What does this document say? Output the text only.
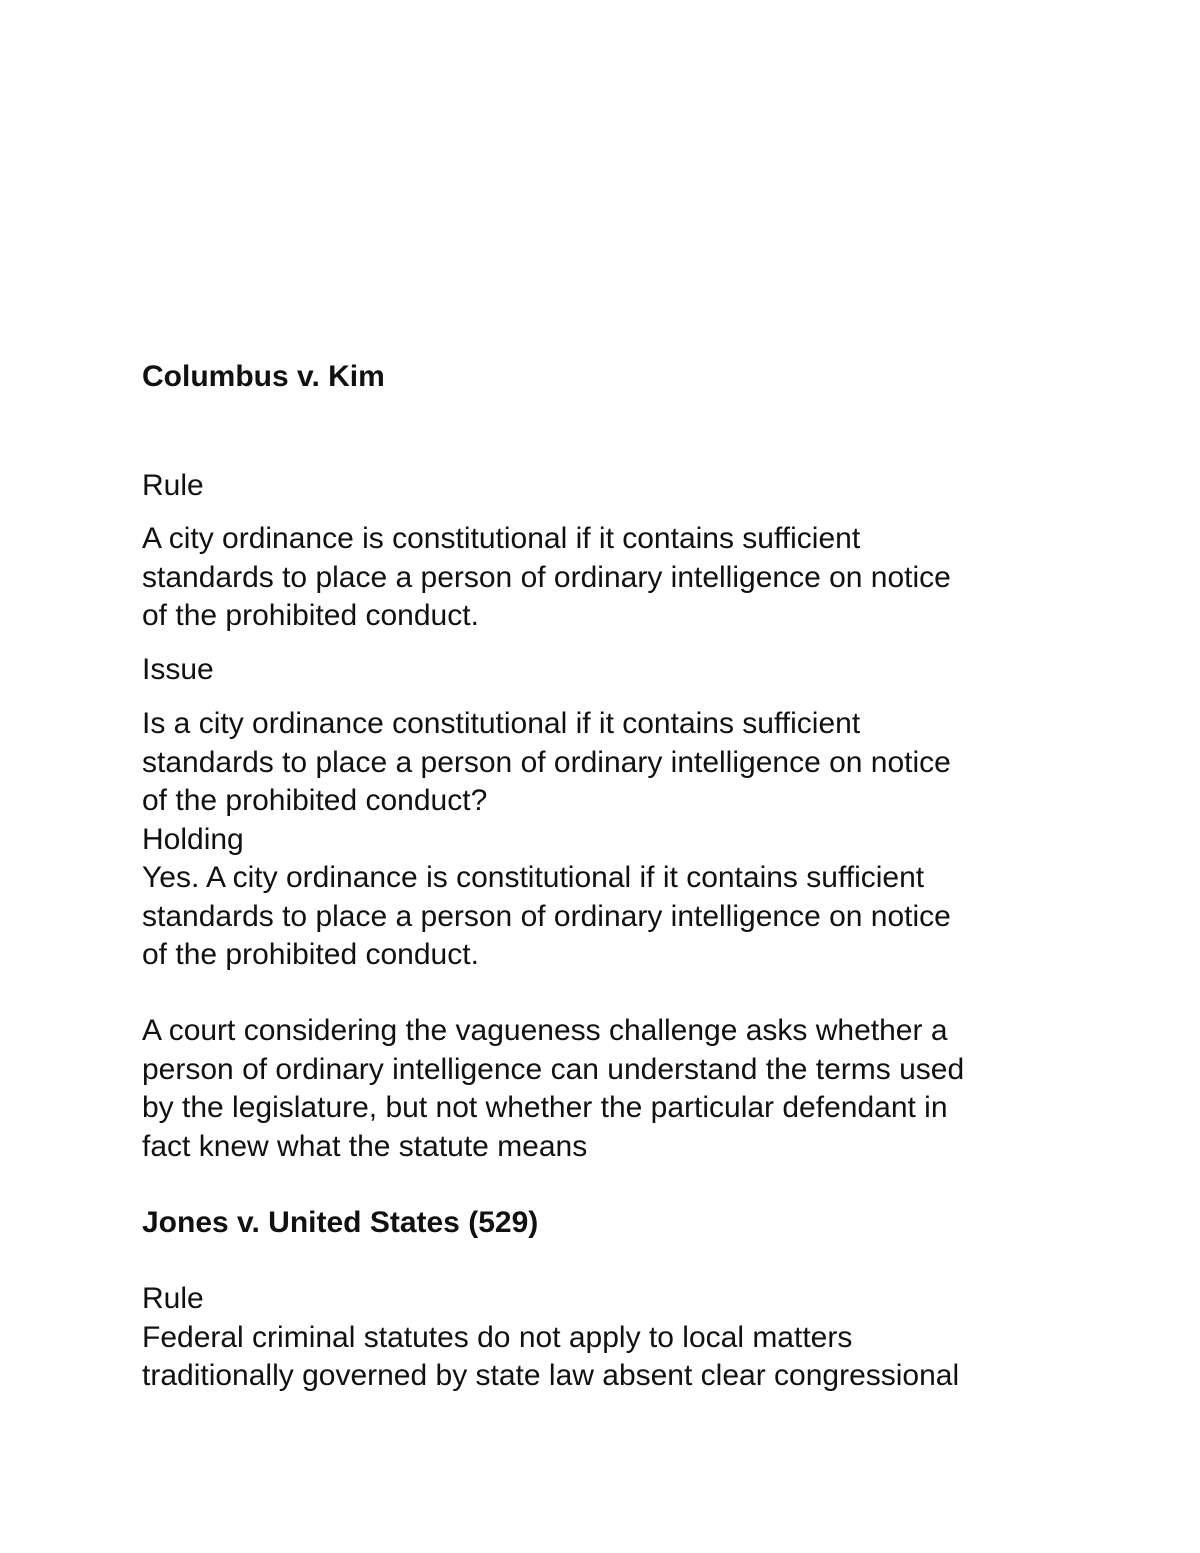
Columbus v. Kim

Rule

A city ordinance is constitutional if it contains sufficient
standards to place a person of ordinary intelligence on notice
of the prohibited conduct.

Issue

Is a city ordinance constitutional if it contains sufficient
standards to place a person of ordinary intelligence on notice
of the prohibited conduct?
Holding
Yes. A city ordinance is constitutional if it contains sufficient
standards to place a person of ordinary intelligence on notice
of the prohibited conduct.

A court considering the vagueness challenge asks whether a
person of ordinary intelligence can understand the terms used
by the legislature, but not whether the particular defendant in
fact knew what the statute means

Jones v. United States (529)

Rule
Federal criminal statutes do not apply to local matters
traditionally governed by state law absent clear congressional
